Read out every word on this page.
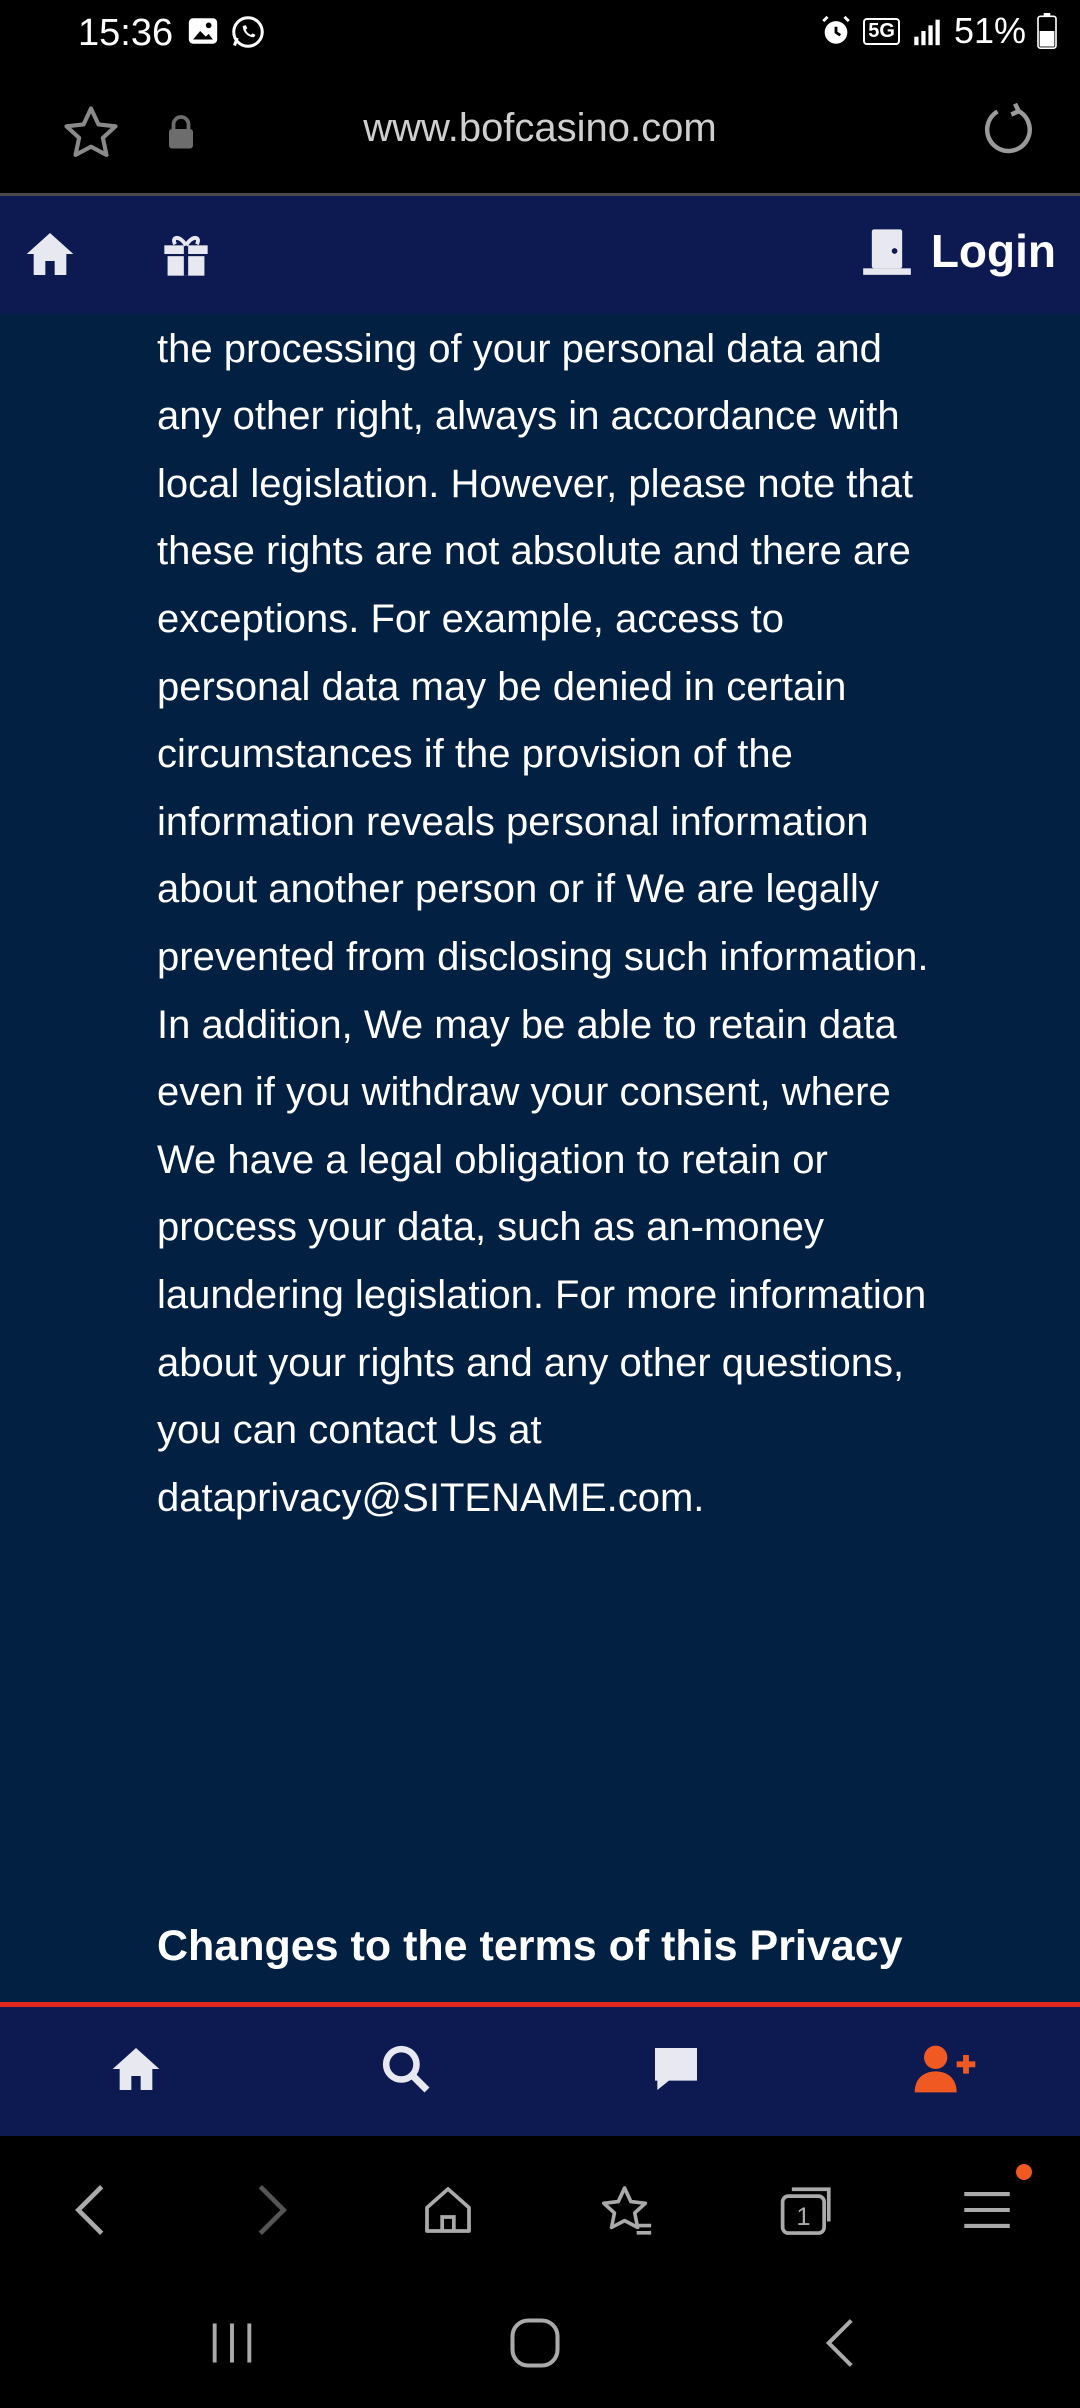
15:36	5G 51%
www.bofcasino.com
Login

the processing of your personal data and any other right, always in accordance with local legislation. However, please note that these rights are not absolute and there are exceptions. For example, access to personal data may be denied in certain circumstances if the provision of the information reveals personal information about another person or if We are legally prevented from disclosing such information. In addition, We may be able to retain data even if you withdraw your consent, where We have a legal obligation to retain or process your data, such as an-money laundering legislation. For more information about your rights and any other questions, you can contact Us at dataprivacy@SITENAME.com.

Changes to the terms of this Privacy
1
